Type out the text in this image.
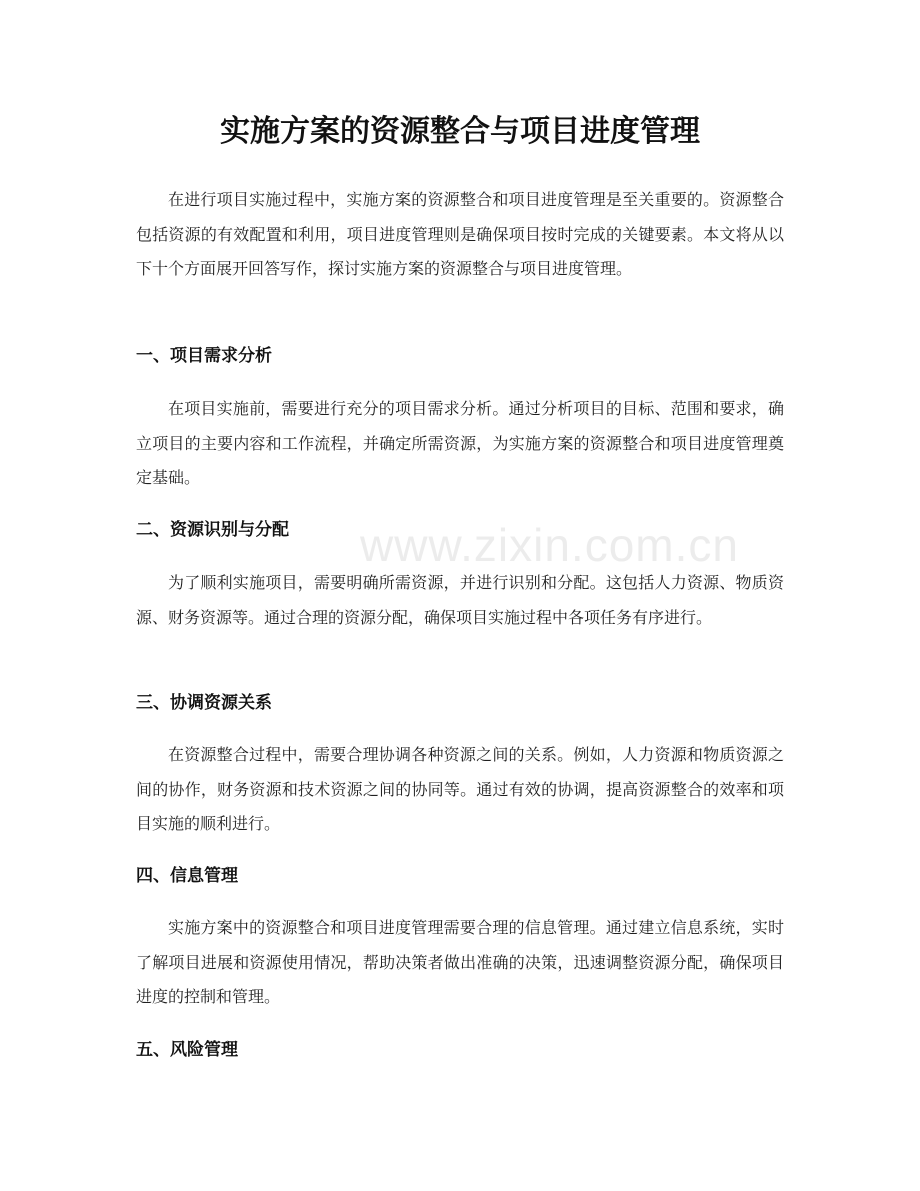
实施方案的资源整合与项目进度管理

在进行项目实施过程中，实施方案的资源整合和项目进度管理是至关重要的。资源整合包括资源的有效配置和利用，项目进度管理则是确保项目按时完成的关键要素。本文将从以下十个方面展开回答写作，探讨实施方案的资源整合与项目进度管理。

一、项目需求分析

在项目实施前，需要进行充分的项目需求分析。通过分析项目的目标、范围和要求，确立项目的主要内容和工作流程，并确定所需资源，为实施方案的资源整合和项目进度管理奠定基础。

二、资源识别与分配

为了顺利实施项目，需要明确所需资源，并进行识别和分配。这包括人力资源、物质资源、财务资源等。通过合理的资源分配，确保项目实施过程中各项任务有序进行。

三、协调资源关系

在资源整合过程中，需要合理协调各种资源之间的关系。例如，人力资源和物质资源之间的协作，财务资源和技术资源之间的协同等。通过有效的协调，提高资源整合的效率和项目实施的顺利进行。

四、信息管理

实施方案中的资源整合和项目进度管理需要合理的信息管理。通过建立信息系统，实时了解项目进展和资源使用情况，帮助决策者做出准确的决策，迅速调整资源分配，确保项目进度的控制和管理。

五、风险管理
www.zixin.com.cn
